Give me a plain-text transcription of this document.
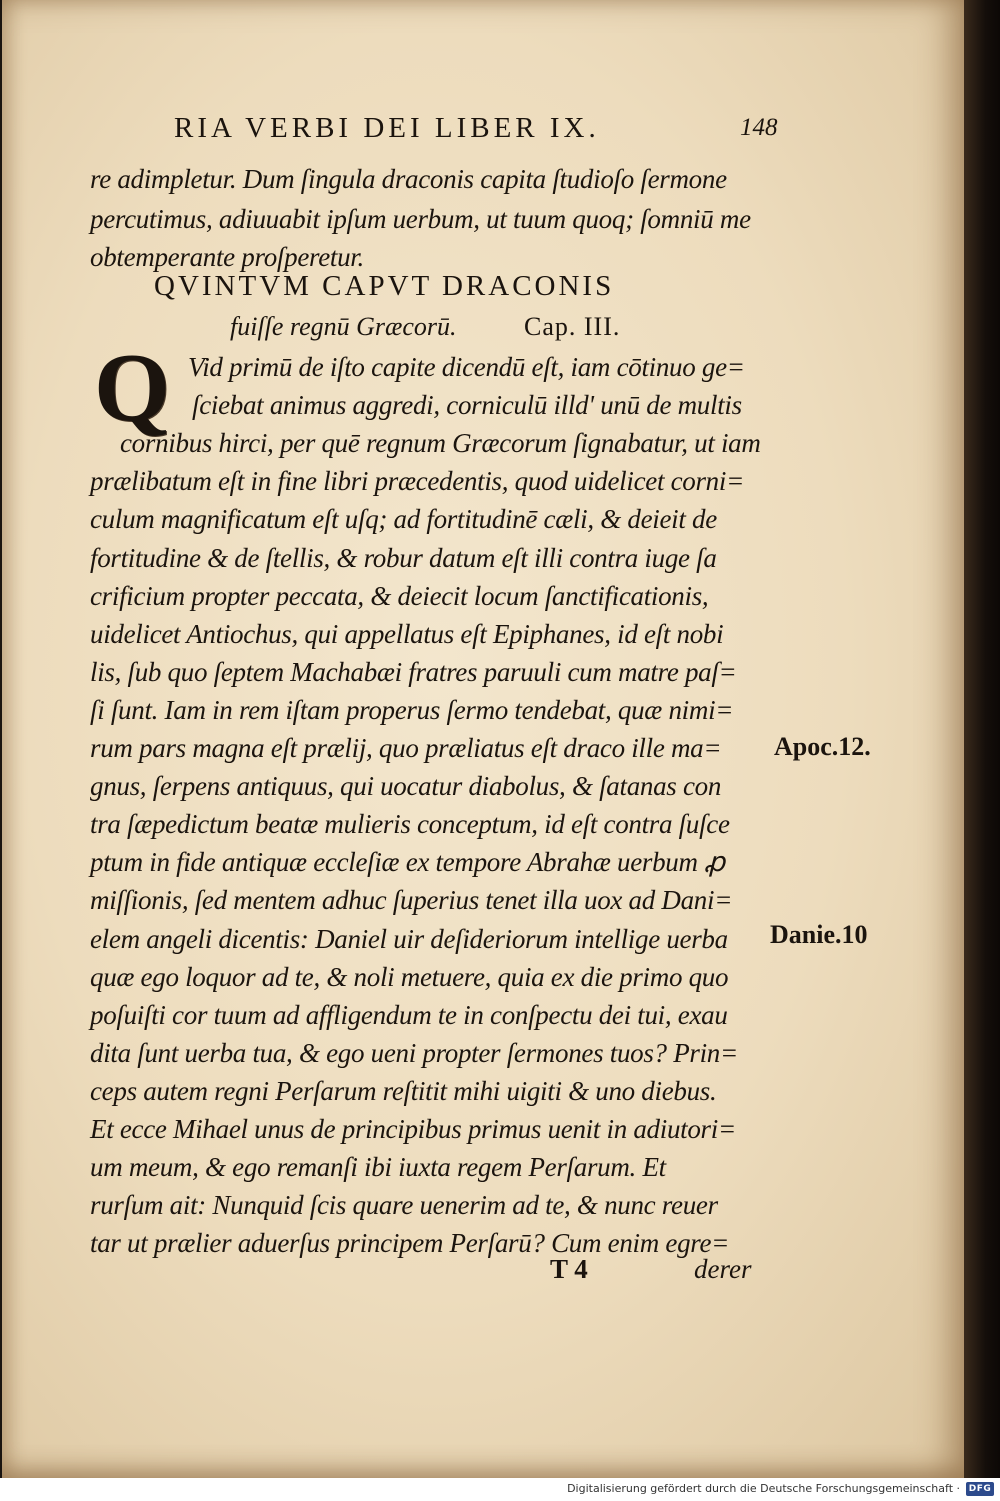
RIA VERBI DEI LIBER IX.	148
re adimpletur. Dum ſingula draconis capita ſtudioſo ſermone
percutimus, adiuuabit ipſum uerbum, ut tuum quoq; ſomniū me
obtemperante proſperetur.
QVINTVM CAPVT DRACONIS
fuiſſe regnū Græcorū.	Cap. III.
Q Vid primū de iſto capite dicendū eſt, iam cōtinuo ge=
ſciebat animus aggredi, corniculū illd' unū de multis
cornibus hirci, per quē regnum Græcorum ſignabatur, ut iam
prælibatum eſt in fine libri præcedentis, quod uidelicet corni=
culum magnificatum eſt uſq; ad fortitudinē cæli, & deieit de
fortitudine & de ſtellis, & robur datum eſt illi contra iuge ſa
crificium propter peccata, & deiecit locum ſanctificationis,
uidelicet Antiochus, qui appellatus eſt Epiphanes, id eſt nobi
lis, ſub quo ſeptem Machabæi fratres paruuli cum matre paſ=
ſi ſunt. Iam in rem iſtam properus ſermo tendebat, quæ nimi=
rum pars magna eſt prælij, quo præliatus eſt draco ille ma=
gnus, ſerpens antiquus, qui uocatur diabolus, & ſatanas con
tra ſæpedictum beatæ mulieris conceptum, id eſt contra ſuſce
ptum in fide antiquæ eccleſiæ ex tempore Abrahæ uerbum ꝓ
miſſionis, ſed mentem adhuc ſuperius tenet illa uox ad Dani=
elem angeli dicentis: Daniel uir deſideriorum intellige uerba
quæ ego loquor ad te, & noli metuere, quia ex die primo quo
poſuiſti cor tuum ad affligendum te in conſpectu dei tui, exau
dita ſunt uerba tua, & ego ueni propter ſermones tuos? Prin=
ceps autem regni Perſarum reſtitit mihi uigiti & uno diebus.
Et ecce Mihael unus de principibus primus uenit in adiutori=
um meum, & ego remanſi ibi iuxta regem Perſarum. Et
rurſum ait: Nunquid ſcis quare uenerim ad te, & nunc reuer
tar ut prælier aduerſus principem Perſarū? Cum enim egre=
Apoc.12.
Danie.10
T 4	derer
Digitalisierung gefördert durch die Deutsche Forschungsgemeinschaft · DFG
